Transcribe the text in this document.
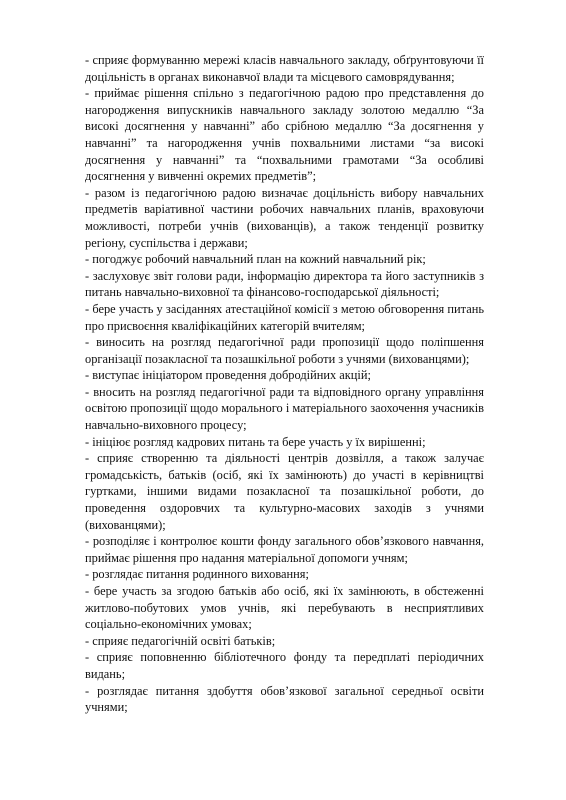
- сприяє формуванню мережі класів навчального закладу, обґрунтовуючи її доцільність в органах виконавчої влади та місцевого самоврядування;

- приймає рішення спільно з педагогічною радою про представлення до нагородження випускників навчального закладу золотою медаллю “За високі досягнення у навчанні” або срібною медаллю “За досягнення у навчанні” та нагородження учнів похвальними листами “за високі досягнення у навчанні” та “похвальними грамотами “За особливі досягнення у вивченні окремих предметів”;

- разом із педагогічною радою визначає доцільність вибору навчальних предметів варіативної частини робочих навчальних планів, враховуючи можливості, потреби учнів (вихованців), а також тенденції розвитку регіону, суспільства і держави;

- погоджує робочий навчальний план на кожний навчальний рік;

- заслуховує звіт голови ради, інформацію директора та його заступників з питань навчально-виховної та фінансово-господарської діяльності;

- бере участь у засіданнях атестаційної комісії з метою обговорення питань про присвоєння кваліфікаційних категорій вчителям;

- виносить на розгляд педагогічної ради пропозиції щодо поліпшення організації позакласної та позашкільної роботи з учнями (вихованцями);

- виступає ініціатором проведення добродійних акцій;

- вносить на розгляд педагогічної ради та відповідного органу управління освітою пропозиції щодо морального і матеріального заохочення учасників навчально-виховного процесу;

- ініціює розгляд кадрових питань та бере участь у їх вирішенні;

- сприяє створенню та діяльності центрів дозвілля, а також залучає громадськість, батьків (осіб, які їх замінюють) до участі в керівництві гуртками, іншими видами позакласної та позашкільної роботи, до проведення оздоровчих та культурно-масових заходів з учнями (вихованцями);

- розподіляє і контролює кошти фонду загального обов’язкового навчання, приймає рішення про надання матеріальної допомоги учням;

- розглядає питання родинного виховання;

- бере участь за згодою батьків або осіб, які їх замінюють, в обстеженні житлово-побутових умов учнів, які перебувають в несприятливих соціально-економічних умовах;

- сприяє педагогічній освіті батьків;

- сприяє поповненню бібліотечного фонду та передплаті періодичних видань;

- розглядає питання здобуття обов’язкової загальної середньої освіти учнями;
